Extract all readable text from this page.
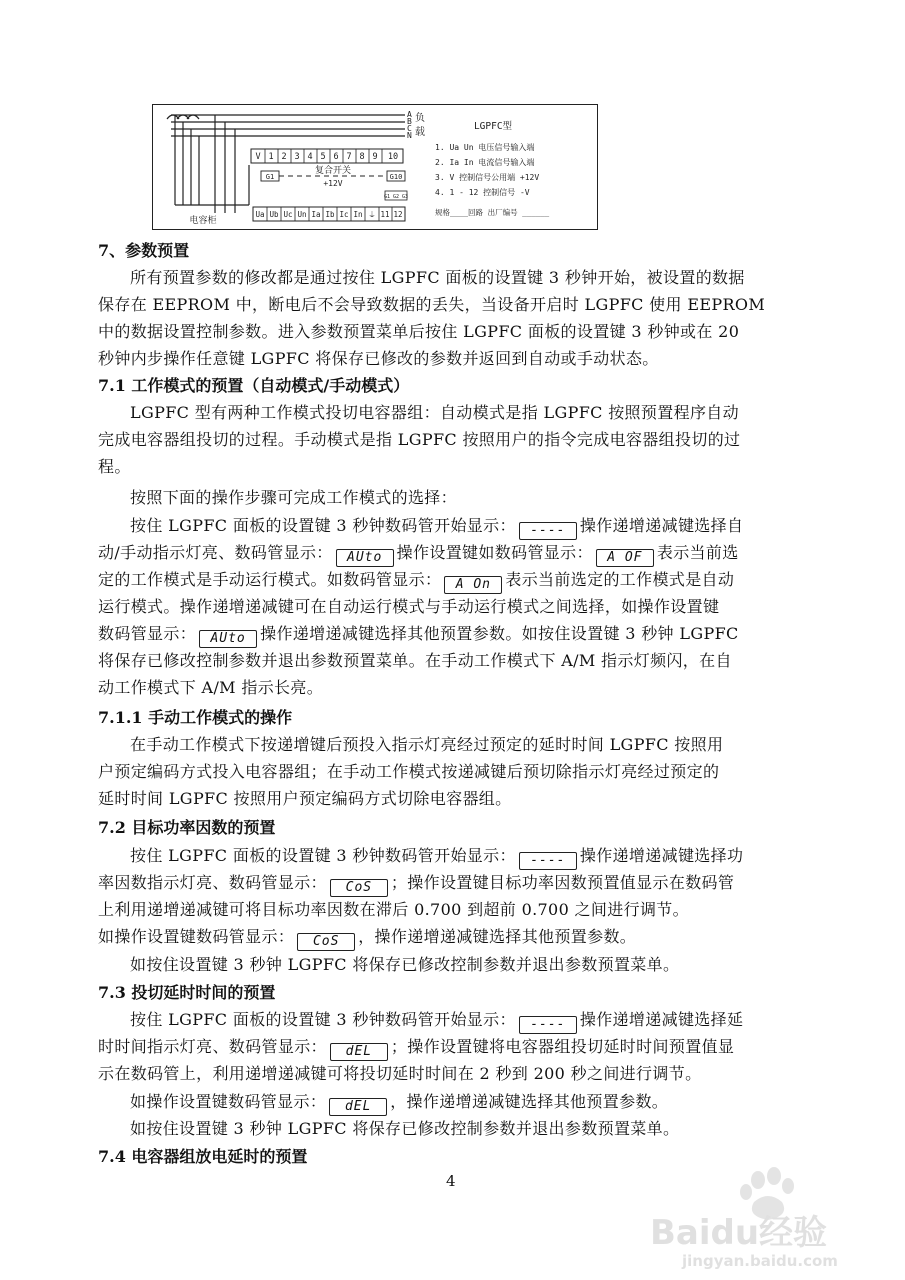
A
B
C
N
负
载
V 1 2 3 4 5 6 7 8 9 10
G1	G10
复合开关
+12V
G1 G2 G3
Ua Ub Uc Un Ia Ib Ic In ⏚ 11 12
电容柜
LGPFC型
1. Ua Un 电压信号输入端
2. Ia In 电流信号输入端
3. V 控制信号公用端 +12V
4. 1 - 12 控制信号 -V
规格____回路 出厂编号 ______
7、参数预置
所有预置参数的修改都是通过按住 LGPFC 面板的设置键 3 秒钟开始，被设置的数据
保存在 EEPROM 中，断电后不会导致数据的丢失，当设备开启时 LGPFC 使用 EEPROM
中的数据设置控制参数。进入参数预置菜单后按住 LGPFC 面板的设置键 3 秒钟或在 20
秒钟内步操作任意键 LGPFC 将保存已修改的参数并返回到自动或手动状态。
7.1 工作模式的预置（自动模式/手动模式）
LGPFC 型有两种工作模式投切电容器组：自动模式是指 LGPFC 按照预置程序自动
完成电容器组投切的过程。手动模式是指 LGPFC 按照用户的指令完成电容器组投切的过
程。
按照下面的操作步骤可完成工作模式的选择：
按住 LGPFC 面板的设置键 3 秒钟数码管开始显示： ---- 操作递增递减键选择自
动/手动指示灯亮、数码管显示： AUto 操作设置键如数码管显示： A OF 表示当前选
定的工作模式是手动运行模式。如数码管显示： A On 表示当前选定的工作模式是自动
运行模式。操作递增递减键可在自动运行模式与手动运行模式之间选择，如操作设置键
数码管显示： AUto 操作递增递减键选择其他预置参数。如按住设置键 3 秒钟 LGPFC
将保存已修改控制参数并退出参数预置菜单。在手动工作模式下 A/M 指示灯频闪，在自
动工作模式下 A/M 指示长亮。
7.1.1 手动工作模式的操作
在手动工作模式下按递增键后预投入指示灯亮经过预定的延时时间 LGPFC 按照用
户预定编码方式投入电容器组；在手动工作模式按递减键后预切除指示灯亮经过预定的
延时时间 LGPFC 按照用户预定编码方式切除电容器组。
7.2 目标功率因数的预置
按住 LGPFC 面板的设置键 3 秒钟数码管开始显示： ---- 操作递增递减键选择功
率因数指示灯亮、数码管显示： CoS ；操作设置键目标功率因数预置值显示在数码管
上利用递增递减键可将目标功率因数在滞后 0.700 到超前 0.700 之间进行调节。
如操作设置键数码管显示： CoS ，操作递增递减键选择其他预置参数。
如按住设置键 3 秒钟 LGPFC 将保存已修改控制参数并退出参数预置菜单。
7.3 投切延时时间的预置
按住 LGPFC 面板的设置键 3 秒钟数码管开始显示： ---- 操作递增递减键选择延
时时间指示灯亮、数码管显示： dEL ；操作设置键将电容器组投切延时时间预置值显
示在数码管上，利用递增递减键可将投切延时时间在 2 秒到 200 秒之间进行调节。
如操作设置键数码管显示： dEL ，操作递增递减键选择其他预置参数。
如按住设置键 3 秒钟 LGPFC 将保存已修改控制参数并退出参数预置菜单。
7.4 电容器组放电延时的预置
4
Baidu经验
jingyan.baidu.com
